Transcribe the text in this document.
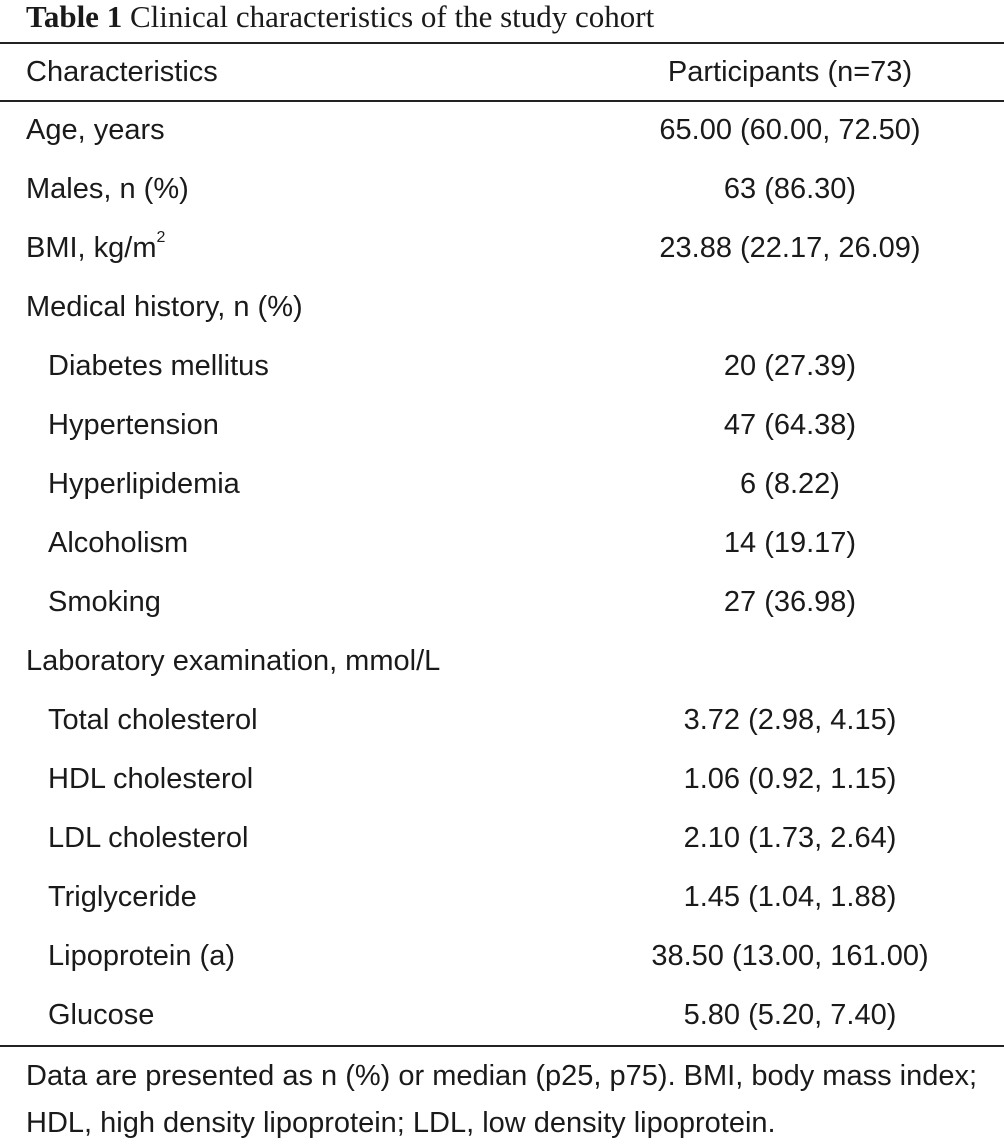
Table 1 Clinical characteristics of the study cohort
Characteristics	Participants (n=73)
Age, years	65.00 (60.00, 72.50)
Males, n (%)	63 (86.30)
BMI, $kg/m^2$	23.88 (22.17, 26.09)
Medical history, n (%)
Diabetes mellitus	20 (27.39)
Hypertension	47 (64.38)
Hyperlipidemia	6 (8.22)
Alcoholism	14 (19.17)
Smoking	27 (36.98)
Laboratory examination, mmol/L
Total cholesterol	3.72 (2.98, 4.15)
HDL cholesterol	1.06 (0.92, 1.15)
LDL cholesterol	2.10 (1.73, 2.64)
Triglyceride	1.45 (1.04, 1.88)
Lipoprotein (a)	38.50 (13.00, 161.00)
Glucose	5.80 (5.20, 7.40)
Data are presented as n (%) or median (p25, p75). BMI, body mass index; HDL, high density lipoprotein; LDL, low density lipoprotein.
